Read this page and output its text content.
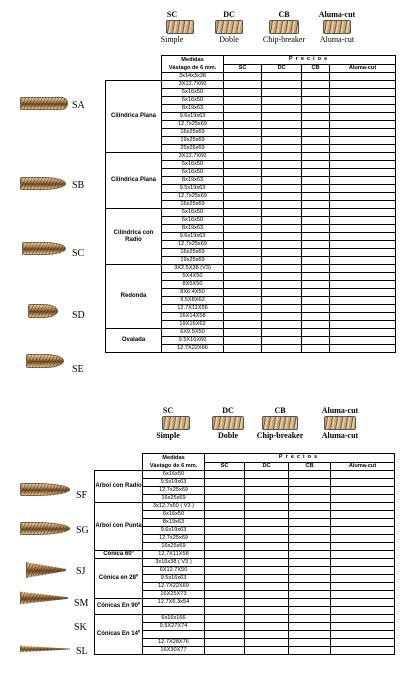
SC
Simple
DC
Doble
CB
Chip-breaker
Aluma-cut
Aluma-cut
SA
SB
SC
SD
SE
	Medidas
Vástago de 6 mm.	Precios			
		SC	DC	CB	Aluma-cut
	3x14x3x38				
Cilíndrica Plana	3X12,7X60				
	5x16x50				
	6x16x50				
	8x19x63				
	9.6x19x63				
	12,7x25x69				
	16x25x69				
	19x25x69				
	25x26x69				
Cilíndrica Plana	3X12,7X60				
	5x16x50				
	6x16x50				
	8x19x63				
	9.5x19x63				
	12,7x25x69				
	16x25x69				
Cilíndrica con Radio	5x16x50				
	6x16x50				
	8x19x63				
	9.6x19x63				
	12,7x25x69				
	16x25x69				
	19x25x69				
Redonda	3X2,5X38 (V3)				
	5X4X50				
	8X5X50				
	8X6.4X50				
	9.5X8X62				
	12.7X11X56				
	16X14X58				
	19X16X62				
Ovalada	6X9.5X50				
	9.5X16X60				
	12.7X22X66				
SC
Simple
DC
Doble
CB
Chip-breaker
Aluma-cut
Aluma-cut
SF
SG
SJ
SM
SK
SL
	Medidas
Vástago de 6 mm.	Precios			
		SC	DC	CB	Aluma-cut
Arbol con Radio	6x16x50				
	9.5x19x63				
	12,7x25x69				
	16x25x69				
Arbol con Punta	3x12,7x50 ( V3 )				
	6x16x50				
	8x19x63				
	9.6x19x63				
	12,7x25x69				
	16x25x69				
Cónica 60º	12,7X11X58				
Cónica en 28º	3x16x38 ( V3 )				
	6X12.7X50				
	9.5x16x63				
	12.7X22X69				
	16X25X73				
Cónicas En 90º	12.7X6.3x54				

Cónicas En 14º	6x16x166				
	9.5X27X74				

	12.7X28X76				
	16X30X77				
